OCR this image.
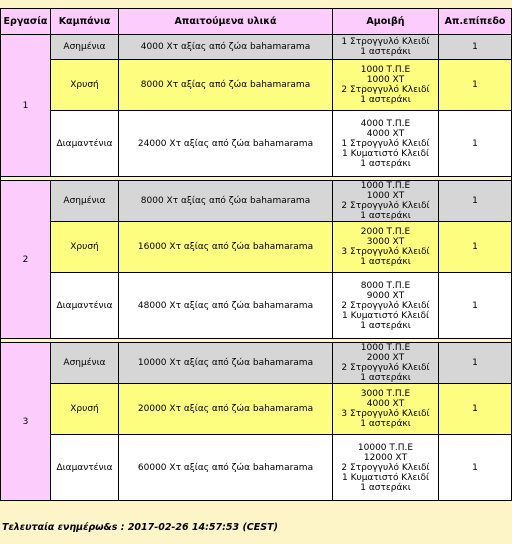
Εργασία	Καμπάνια	Απαιτούμενα υλικά	Αμοιβή	Απ.επίπεδο
1	Ασημένια	4000 Χτ αξίας από ζώα bahamarama	1 Στρογγυλό Κλειδί
1 αστεράκι	1
	Χρυσή	8000 Χτ αξίας από ζώα bahamarama	1000 Τ.Π.Ε
1000 ΧΤ
2 Στρογγυλό Κλειδί
1 αστεράκι	1
	Διαμαντένια	24000 Χτ αξίας από ζώα bahamarama	4000 Τ.Π.Ε
4000 ΧΤ
1 Στρογγυλό Κλειδί
1 Κυματιστό Κλειδί
1 αστεράκι	1

2	Ασημένια	8000 Χτ αξίας από ζώα bahamarama	1000 Τ.Π.Ε
1000 ΧΤ
2 Στρογγυλό Κλειδί
1 αστεράκι	1
	Χρυσή	16000 Χτ αξίας από ζώα bahamarama	2000 Τ.Π.Ε
3000 ΧΤ
3 Στρογγυλό Κλειδί
1 αστεράκι	1
	Διαμαντένια	48000 Χτ αξίας από ζώα bahamarama	8000 Τ.Π.Ε
9000 ΧΤ
2 Στρογγυλό Κλειδί
1 Κυματιστό Κλειδί
1 αστεράκι	1

3	Ασημένια	10000 Χτ αξίας από ζώα bahamarama	1000 Τ.Π.Ε
2000 ΧΤ
2 Στρογγυλό Κλειδί
1 αστεράκι	1
	Χρυσή	20000 Χτ αξίας από ζώα bahamarama	3000 Τ.Π.Ε
4000 ΧΤ
3 Στρογγυλό Κλειδί
1 αστεράκι	1
	Διαμαντένια	60000 Χτ αξίας από ζώα bahamarama	10000 Τ.Π.Ε
12000 ΧΤ
2 Στρογγυλό Κλειδί
1 Κυματιστό Κλειδί
1 αστεράκι	1
Τελευταία ενημέρω&s : 2017-02-26 14:57:53 (CEST)
